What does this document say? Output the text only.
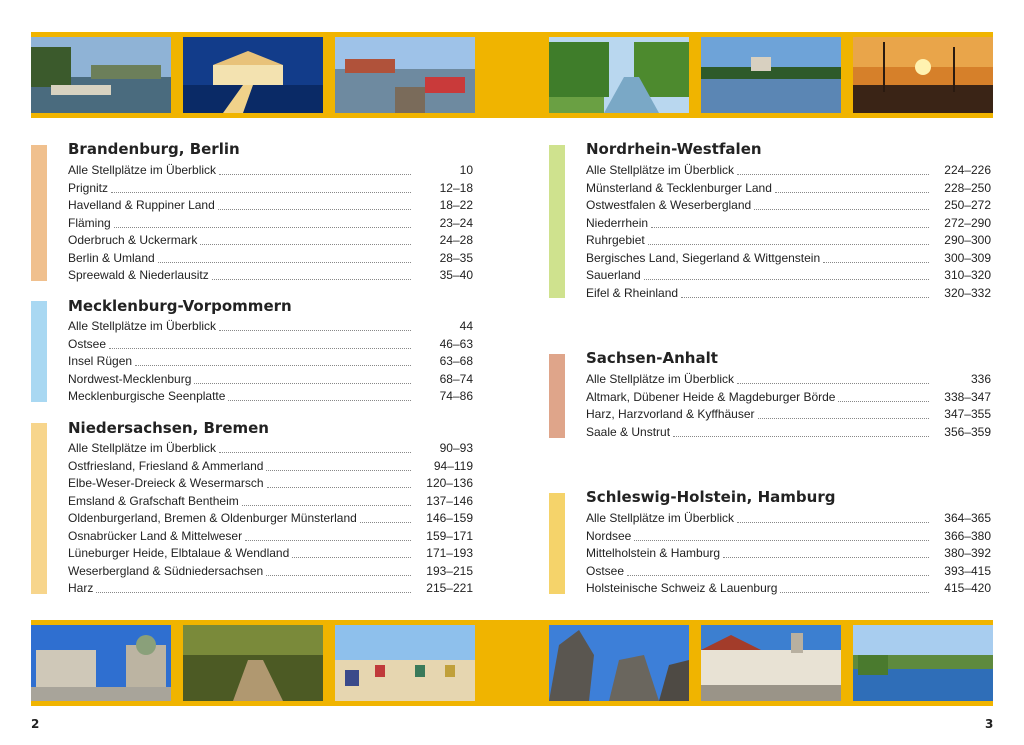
Brandenburg, Berlin
Alle Stellplätze im Überblick	10
Prignitz	12–18
Havelland & Ruppiner Land	18–22
Fläming	23–24
Oderbruch & Uckermark	24–28
Berlin & Umland	28–35
Spreewald & Niederlausitz	35–40
Mecklenburg-Vorpommern
Alle Stellplätze im Überblick	44
Ostsee	46–63
Insel Rügen	63–68
Nordwest-Mecklenburg	68–74
Mecklenburgische Seenplatte	74–86
Niedersachsen, Bremen
Alle Stellplätze im Überblick	90–93
Ostfriesland, Friesland & Ammerland	94–119
Elbe-Weser-Dreieck & Wesermarsch	120–136
Emsland & Grafschaft Bentheim	137–146
Oldenburgerland, Bremen & Oldenburger Münsterland	146–159
Osnabrücker Land & Mittelweser	159–171
Lüneburger Heide, Elbtalaue & Wendland	171–193
Weserbergland & Südniedersachsen	193–215
Harz	215–221
Nordrhein-Westfalen
Alle Stellplätze im Überblick	224–226
Münsterland & Tecklenburger Land	228–250
Ostwestfalen & Weserbergland	250–272
Niederrhein	272–290
Ruhrgebiet	290–300
Bergisches Land, Siegerland & Wittgenstein	300–309
Sauerland	310–320
Eifel & Rheinland	320–332
Sachsen-Anhalt
Alle Stellplätze im Überblick	336
Altmark, Dübener Heide & Magdeburger Börde	338–347
Harz, Harzvorland & Kyffhäuser	347–355
Saale & Unstrut	356–359
Schleswig-Holstein, Hamburg
Alle Stellplätze im Überblick	364–365
Nordsee	366–380
Mittelholstein & Hamburg	380–392
Ostsee	393–415
Holsteinische Schweiz & Lauenburg	415–420
2	3
